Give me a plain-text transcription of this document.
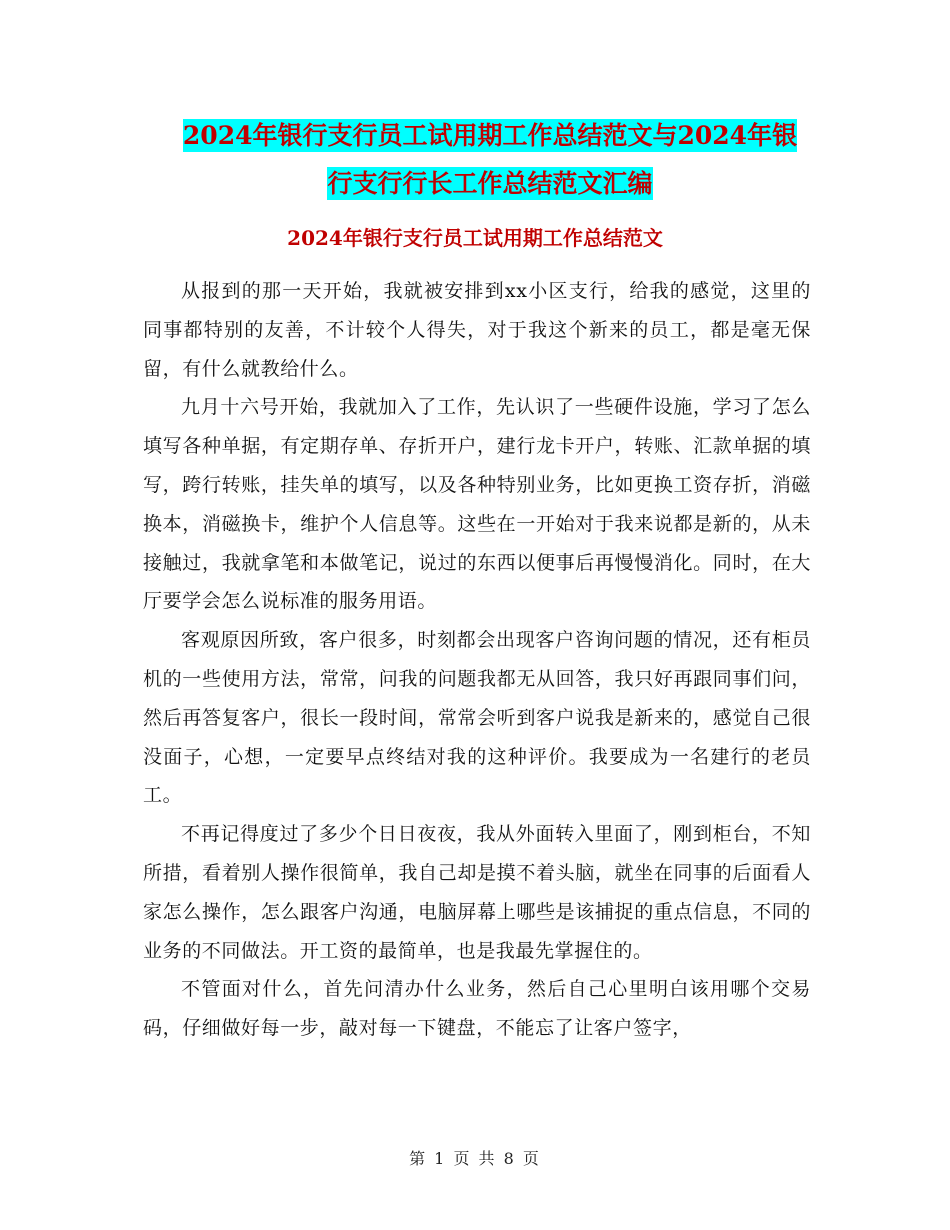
2024年银行支行员工试用期工作总结范文与2024年银
行支行行长工作总结范文汇编
2024年银行支行员工试用期工作总结范文

从报到的那一天开始，我就被安排到xx小区支行，给我的感觉，这里的同事都特别的友善，不计较个人得失，对于我这个新来的员工，都是毫无保留，有什么就教给什么。

九月十六号开始，我就加入了工作，先认识了一些硬件设施，学习了怎么填写各种单据，有定期存单、存折开户，建行龙卡开户，转账、汇款单据的填写，跨行转账，挂失单的填写，以及各种特别业务，比如更换工资存折，消磁换本，消磁换卡，维护个人信息等。这些在一开始对于我来说都是新的，从未接触过，我就拿笔和本做笔记，说过的东西以便事后再慢慢消化。同时，在大厅要学会怎么说标准的服务用语。

客观原因所致，客户很多，时刻都会出现客户咨询问题的情况，还有柜员机的一些使用方法，常常，问我的问题我都无从回答，我只好再跟同事们问，然后再答复客户，很长一段时间，常常会听到客户说我是新来的，感觉自己很没面子，心想，一定要早点终结对我的这种评价。我要成为一名建行的老员工。

不再记得度过了多少个日日夜夜，我从外面转入里面了，刚到柜台，不知所措，看着别人操作很简单，我自己却是摸不着头脑，就坐在同事的后面看人家怎么操作，怎么跟客户沟通，电脑屏幕上哪些是该捕捉的重点信息，不同的业务的不同做法。开工资的最简单，也是我最先掌握住的。

不管面对什么，首先问清办什么业务，然后自己心里明白该用哪个交易码，仔细做好每一步，敲对每一下键盘，不能忘了让客户签字，

第 1 页 共 8 页
